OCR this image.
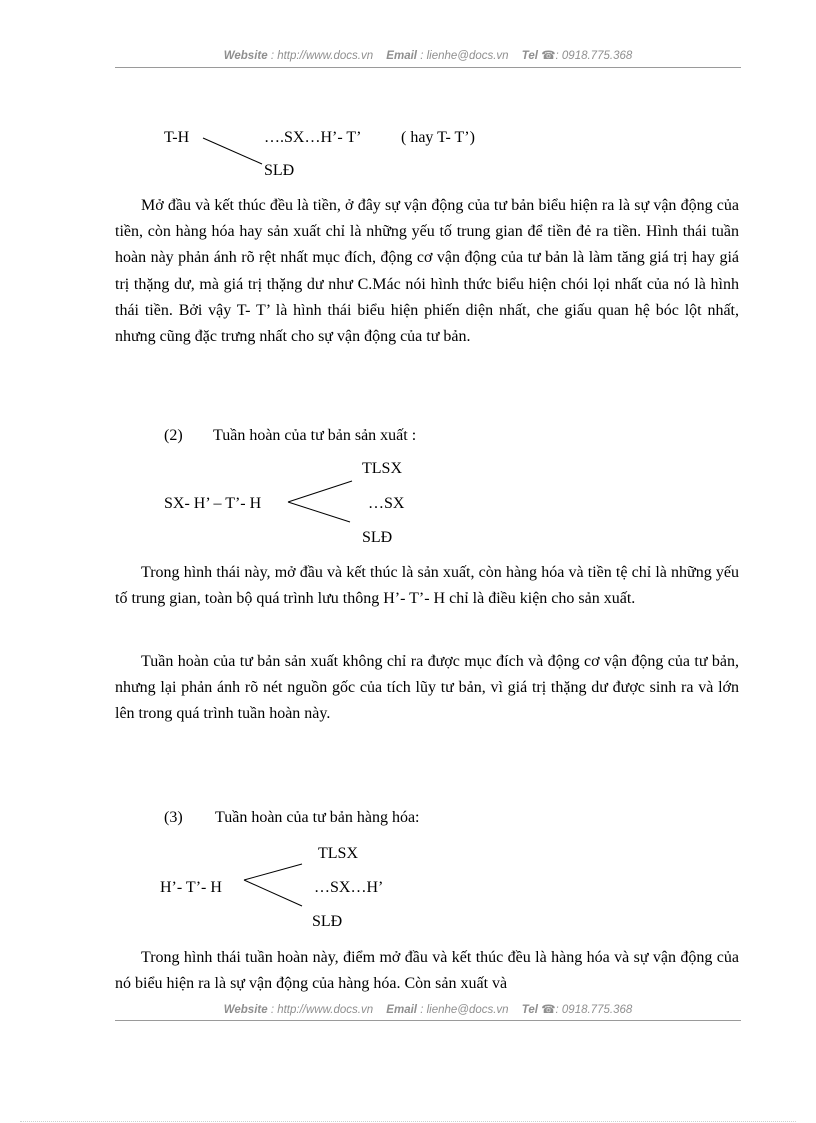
Website : http://www.docs.vn Email : lienhe@docs.vn Tel ☎: 0918.775.368
T-H	….SX…H’- T’ ( hay T- T’)
SLĐ

Mở đầu và kết thúc đều là tiền, ở đây sự vận động của tư bản biểu hiện ra là sự vận động của tiền, còn hàng hóa hay sản xuất chỉ là những yếu tố trung gian để tiền đẻ ra tiền. Hình thái tuần hoàn này phản ánh rõ rệt nhất mục đích, động cơ vận động của tư bản là làm tăng giá trị hay giá trị thặng dư, mà giá trị thặng dư như C.Mác nói hình thức biểu hiện chói lọi nhất của nó là hình thái tiền. Bởi vậy T- T’ là hình thái biểu hiện phiến diện nhất, che giấu quan hệ bóc lột nhất, nhưng cũng đặc trưng nhất cho sự vận động của tư bản.

(2) Tuần hoàn của tư bản sản xuất :
TLSX
SX- H’ – T’- H	…SX
SLĐ

Trong hình thái này, mở đầu và kết thúc là sản xuất, còn hàng hóa và tiền tệ chỉ là những yếu tố trung gian, toàn bộ quá trình lưu thông H’- T’- H chỉ là điều kiện cho sản xuất.

Tuần hoàn của tư bản sản xuất không chỉ ra được mục đích và động cơ vận động của tư bản, nhưng lại phản ánh rõ nét nguồn gốc của tích lũy tư bản, vì giá trị thặng dư được sinh ra và lớn lên trong quá trình tuần hoàn này.

(3) Tuần hoàn của tư bản hàng hóa:
TLSX
H’- T’- H	…SX…H’
SLĐ

Trong hình thái tuần hoàn này, điểm mở đầu và kết thúc đều là hàng hóa và sự vận động của nó biểu hiện ra là sự vận động của hàng hóa. Còn sản xuất và

Website : http://www.docs.vn Email : lienhe@docs.vn Tel ☎: 0918.775.368
